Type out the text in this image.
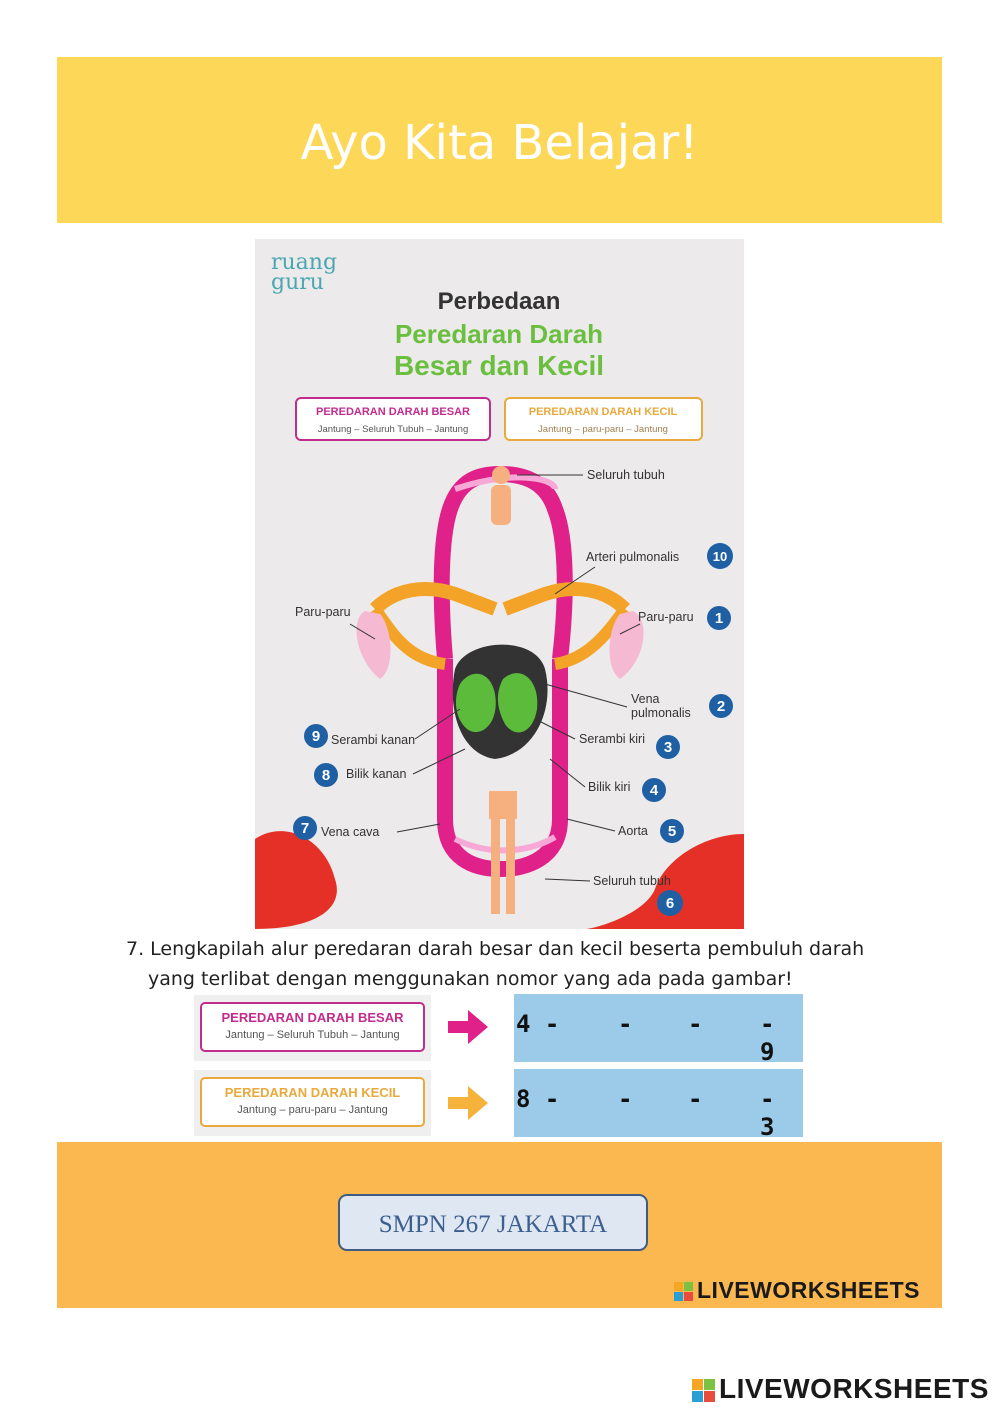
Ayo Kita Belajar!
ruang
guru
Perbedaan
Peredaran Darah
Besar dan Kecil
PEREDARAN DARAH BESAR
Jantung – Seluruh Tubuh – Jantung
PEREDARAN DARAH KECIL
Jantung – paru-paru – Jantung
Seluruh tubuh
Arteri pulmonalis
Paru-paru	Paru-paru
Vena
pulmonalis
Serambi kanan	Serambi kiri
Bilik kanan
Bilik kiri
Vena cava	Aorta
Seluruh tubuh
10
1
2
3
4
5
6
7
8
9
7. Lengkapilah alur peredaran darah besar dan kecil beserta pembuluh darah
yang terlibat dengan menggunakan nomor yang ada pada gambar!
PEREDARAN DARAH BESAR
Jantung – Seluruh Tubuh – Jantung	4 - - - - 9
PEREDARAN DARAH KECIL
Jantung – paru-paru – Jantung	8 - - - - 3
SMPN 267 JAKARTA
LIVEWORKSHEETS
LIVEWORKSHEETS
